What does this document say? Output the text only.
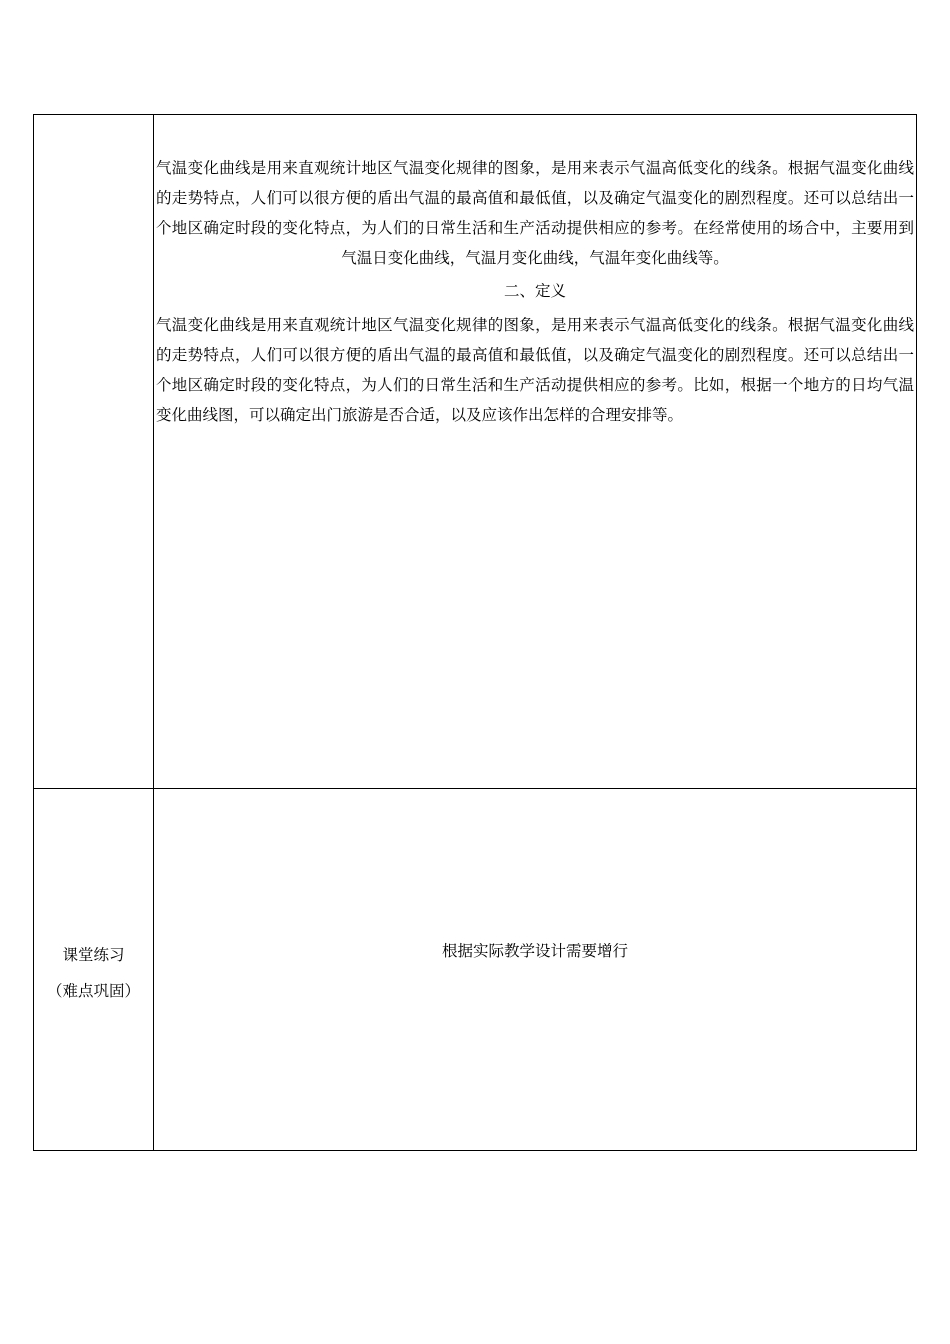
气温变化曲线是用来直观统计地区气温变化规律的图象，是用来表示气温高低变化的线条。根据气温变化曲线的走势特点，人们可以很方便的盾出气温的最高值和最低值，以及确定气温变化的剧烈程度。还可以总结出一个地区确定时段的变化特点，为人们的日常生活和生产活动提供相应的参考。在经常使用的场合中，主要用到气温日变化曲线，气温月变化曲线，气温年变化曲线等。

二、定义

气温变化曲线是用来直观统计地区气温变化规律的图象，是用来表示气温高低变化的线条。根据气温变化曲线的走势特点，人们可以很方便的盾出气温的最高值和最低值，以及确定气温变化的剧烈程度。还可以总结出一个地区确定时段的变化特点，为人们的日常生活和生产活动提供相应的参考。比如，根据一个地方的日均气温变化曲线图，可以确定出门旅游是否合适，以及应该作出怎样的合理安排等。

课堂练习
（难点巩固）
根据实际教学设计需要增行
